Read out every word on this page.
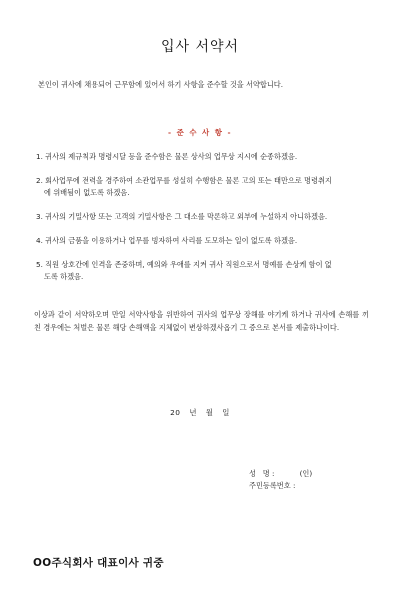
입사 서약서
본인이 귀사에 채용되어 근무함에 있어서 하기 사항을 준수할 것을 서약합니다.
- 준 수 사 항 -
1. 귀사의 제규칙과 명령시달 등을 준수함은 물론 상사의 업무상 지시에 순종하겠음.
2. 회사업무에 전력을 경주하여 소관업무를 성실히 수행함은 물론 고의 또는 태만으로 명령취지
에 위배됨이 없도록 하겠음.
3. 귀사의 기밀사항 또는 고객의 기밀사항은 그 대소를 막론하고 외부에 누설하지 아니하겠음.
4. 귀사의 금품을 이용하거나 업무를 빙자하여 사리를 도모하는 일이 없도록 하겠음.
5. 직원 상호간에 인격을 존중하며, 예의와 우애를 지켜 귀사 직원으로서 명예를 손상케 함이 없
도록 하겠음.
이상과 같이 서약하오며 만일 서약사항을 위반하여 귀사의 업무상 장해를 야기케 하거나 귀사에 손해를 끼친 경우에는 처벌은 물론 해당 손해액을 지체없이 변상하겠사옵기 그 증으로 본서를 제출하나이다.
20 년 월 일
성   명 :           (인)
주민등록번호 :
OO주식회사 대표이사 귀중
